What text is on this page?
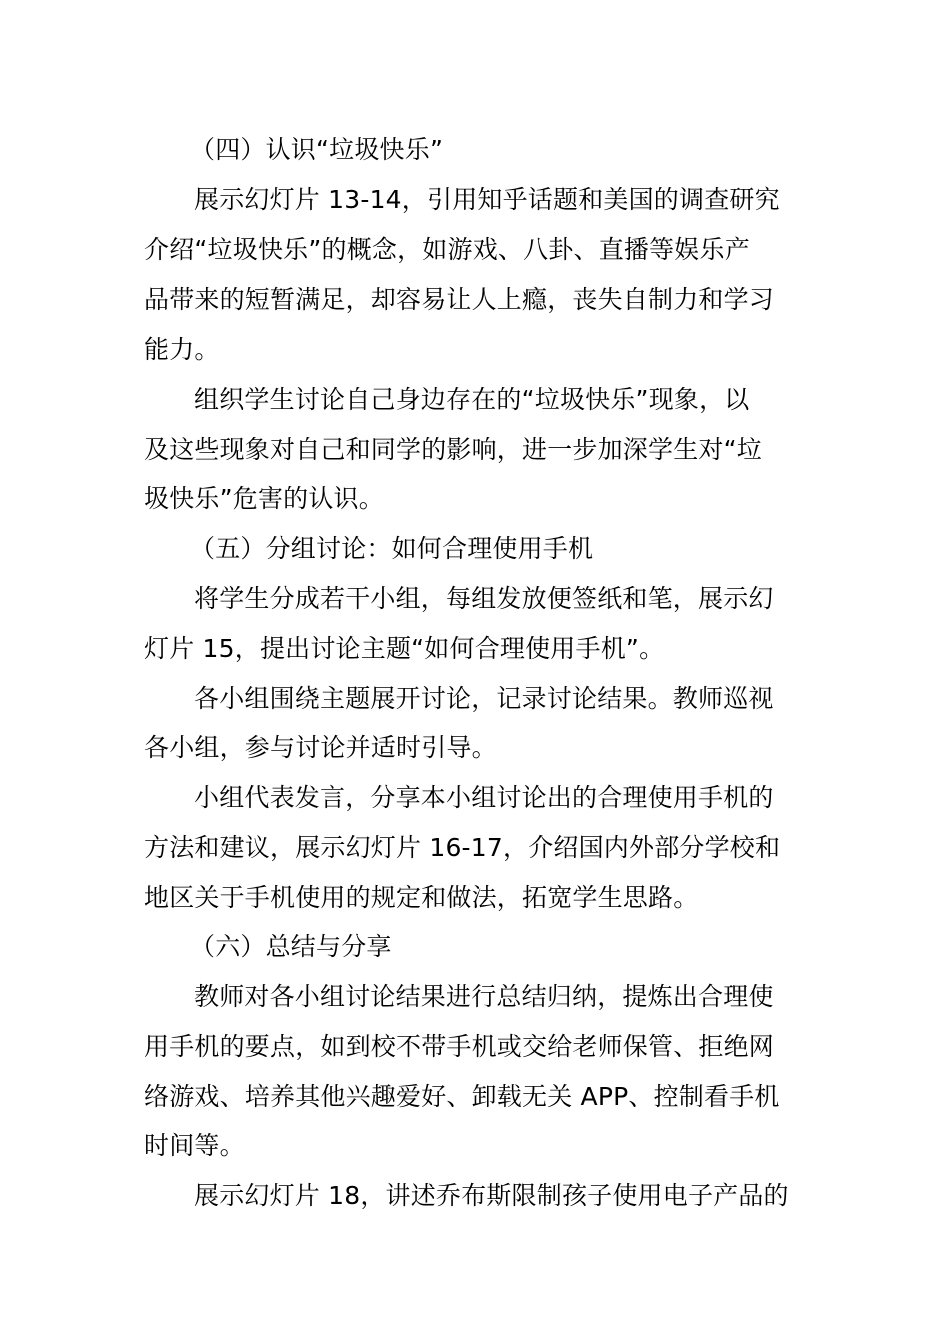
（四）认识“垃圾快乐”
展示幻灯片 13-14，引用知乎话题和美国的调查研究
介绍“垃圾快乐”的概念，如游戏、八卦、直播等娱乐产
品带来的短暂满足，却容易让人上瘾，丧失自制力和学习
能力。
组织学生讨论自己身边存在的“垃圾快乐”现象，以
及这些现象对自己和同学的影响，进一步加深学生对“垃
圾快乐”危害的认识。
（五）分组讨论：如何合理使用手机
将学生分成若干小组，每组发放便签纸和笔，展示幻
灯片 15，提出讨论主题“如何合理使用手机”。
各小组围绕主题展开讨论，记录讨论结果。教师巡视
各小组，参与讨论并适时引导。
小组代表发言，分享本小组讨论出的合理使用手机的
方法和建议，展示幻灯片 16-17，介绍国内外部分学校和
地区关于手机使用的规定和做法，拓宽学生思路。
（六）总结与分享
教师对各小组讨论结果进行总结归纳，提炼出合理使
用手机的要点，如到校不带手机或交给老师保管、拒绝网
络游戏、培养其他兴趣爱好、卸载无关 APP、控制看手机
时间等。
展示幻灯片 18，讲述乔布斯限制孩子使用电子产品的
